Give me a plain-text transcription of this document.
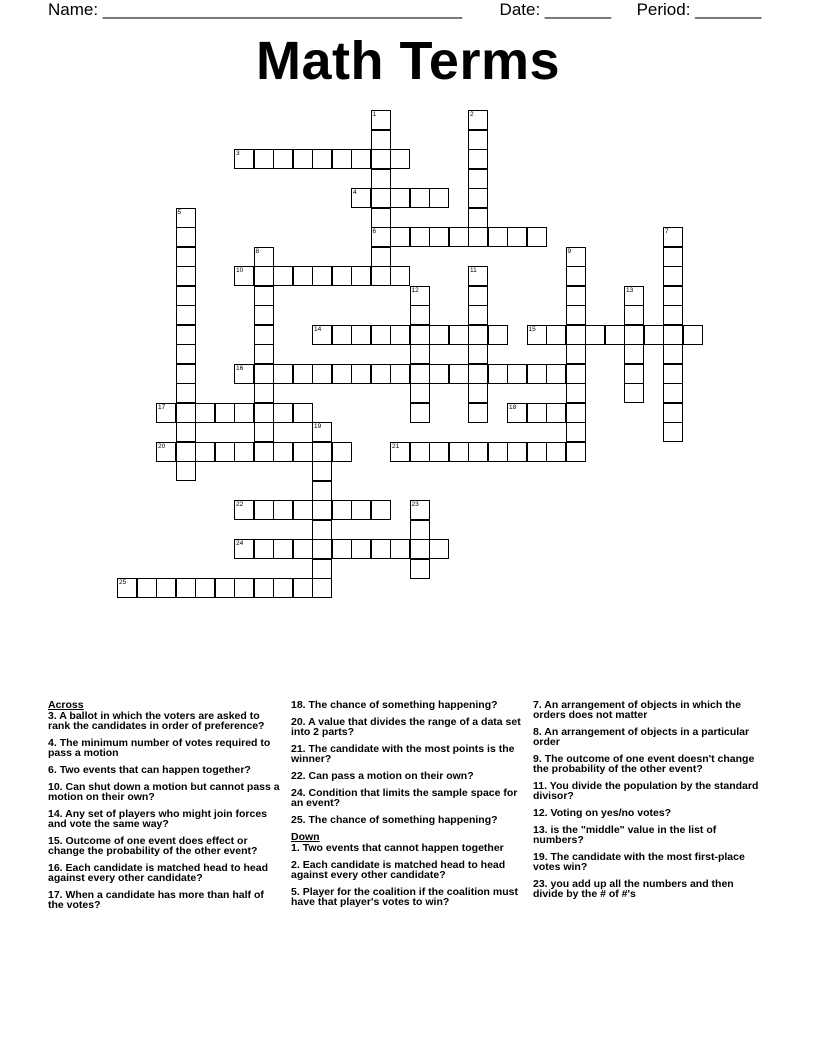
Name: ______________________________________ Date: _______ Period: _______
Math Terms
1
6
2
3
4
5
7
8	9
10	11
12	13
14	15
16
17	18
19
20	21
22	23
24
25
Across
3. A ballot in which the voters are asked to rank the candidates in order of preference?
4. The minimum number of votes required to pass a motion
6. Two events that can happen together?
10. Can shut down a motion but cannot pass a motion on their own?
14. Any set of players who might join forces and vote the same way?
15. Outcome of one event does effect or change the probability of the other event?
16. Each candidate is matched head to head against every other candidate?
17. When a candidate has more than half of the votes?
18. The chance of something happening?
20. A value that divides the range of a data set into 2 parts?
21. The candidate with the most points is the winner?
22. Can pass a motion on their own?
24. Condition that limits the sample space for an event?
25. The chance of something happening?
Down
1. Two events that cannot happen together
2. Each candidate is matched head to head against every other candidate?
5. Player for the coalition if the coalition must have that player's votes to win?
7. An arrangement of objects in which the orders does not matter
8. An arrangement of objects in a particular order
9. The outcome of one event doesn't change the probability of the other event?
11. You divide the population by the standard divisor?
12. Voting on yes/no votes?
13. is the "middle" value in the list of numbers?
19. The candidate with the most first-place votes win?
23. you add up all the numbers and then divide by the # of #'s
